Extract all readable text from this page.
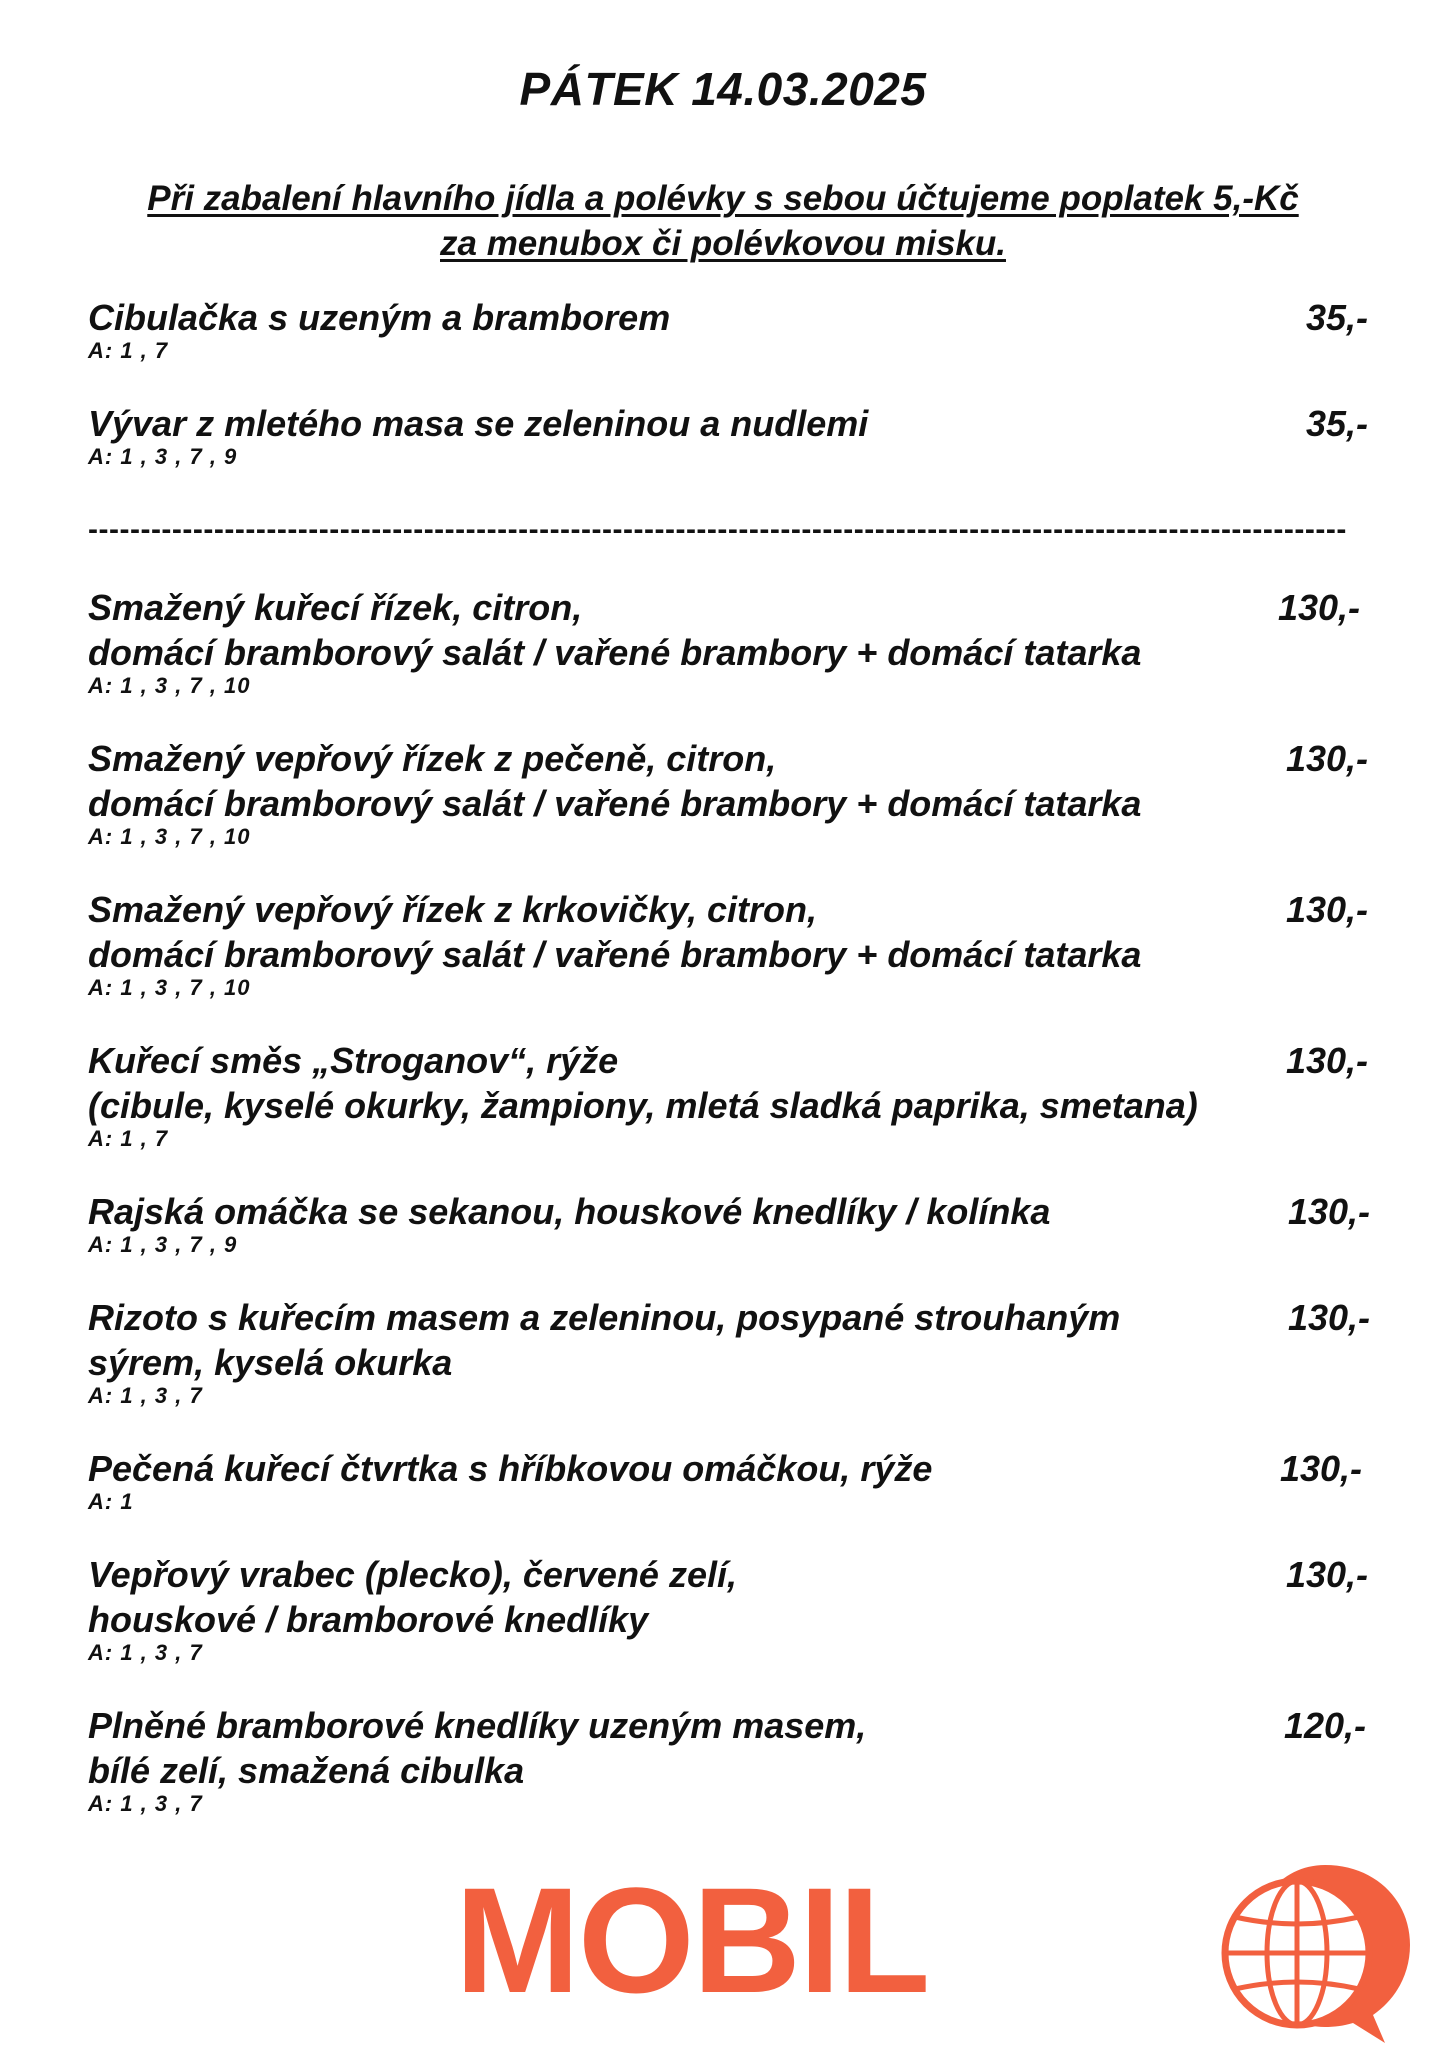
PÁTEK 14.03.2025
Při zabalení hlavního jídla a polévky s sebou účtujeme poplatek 5,-Kč
za menubox či polévkovou misku.
Cibulačka s uzeným a bramborem
A: 1 , 7
35,-
Vývar z mletého masa se zeleninou a nudlemi
A: 1 , 3 , 7 , 9
35,-
------------------------------------------------------------------------------------------------------------------------
Smažený kuřecí řízek, citron,
domácí bramborový salát / vařené brambory + domácí tatarka
A: 1 , 3 , 7 , 10
130,-
Smažený vepřový řízek z pečeně, citron,
domácí bramborový salát / vařené brambory + domácí tatarka
A: 1 , 3 , 7 , 10
130,-
Smažený vepřový řízek z krkovičky, citron,
domácí bramborový salát / vařené brambory + domácí tatarka
A: 1 , 3 , 7 , 10
130,-
Kuřecí směs „Stroganov“, rýže
(cibule, kyselé okurky, žampiony, mletá sladká paprika, smetana)
A: 1 , 7
130,-
Rajská omáčka se sekanou, houskové knedlíky / kolínka
A: 1 , 3 , 7 , 9
130,-
Rizoto s kuřecím masem a zeleninou, posypané strouhaným
sýrem, kyselá okurka
A: 1 , 3 , 7
130,-
Pečená kuřecí čtvrtka s hříbkovou omáčkou, rýže
A: 1
130,-
Vepřový vrabec (plecko), červené zelí,
houskové / bramborové knedlíky
A: 1 , 3 , 7
130,-
Plněné bramborové knedlíky uzeným masem,
bílé zelí, smažená cibulka
A: 1 , 3 , 7
120,-
MOBIL
